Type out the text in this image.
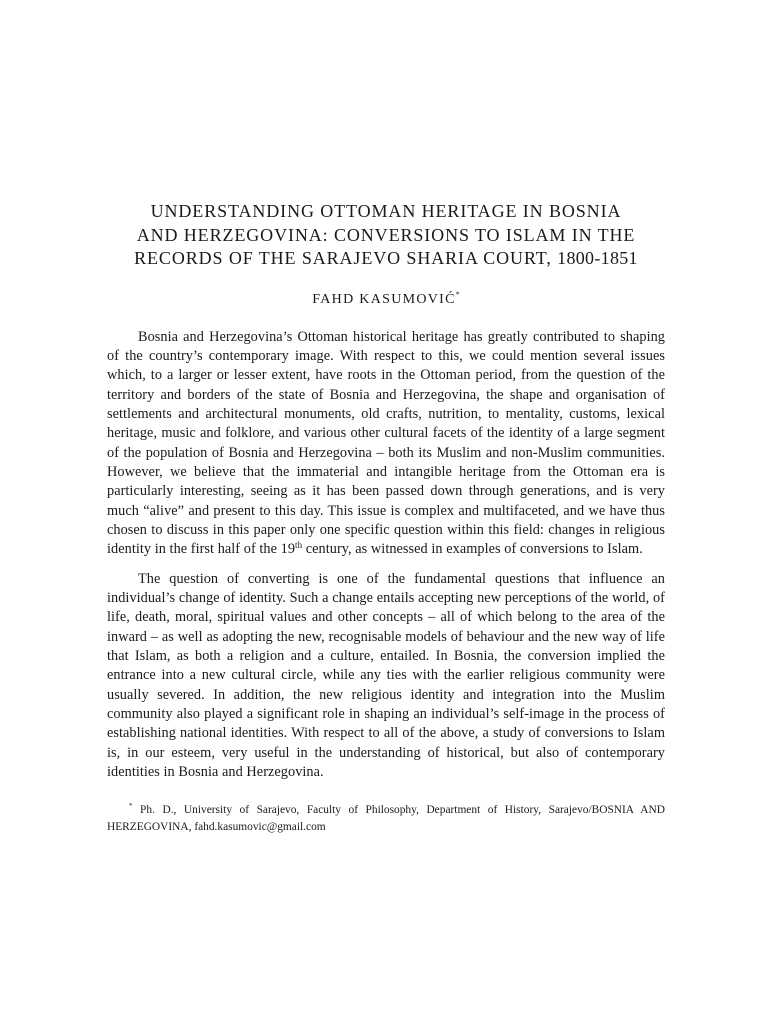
UNDERSTANDING OTTOMAN HERITAGE IN BOSNIA
AND HERZEGOVINA: CONVERSIONS TO ISLAM IN THE
RECORDS OF THE SARAJEVO SHARIA COURT, 1800-1851
FAHD KASUMOVIĆ*

Bosnia and Herzegovina’s Ottoman historical heritage has greatly contributed to shaping of the country’s contemporary image. With respect to this, we could mention several issues which, to a larger or lesser extent, have roots in the Ottoman period, from the question of the territory and borders of the state of Bosnia and Herzegovina, the shape and organisation of settlements and architectural monuments, old crafts, nutrition, to mentality, customs, lexical heritage, music and folklore, and various other cultural facets of the identity of a large segment of the population of Bosnia and Herzegovina – both its Muslim and non-Muslim communities. However, we believe that the immaterial and intangible heritage from the Ottoman era is particularly interesting, seeing as it has been passed down through generations, and is very much “alive” and present to this day. This issue is complex and multifaceted, and we have thus chosen to discuss in this paper only one specific question within this field: changes in religious identity in the first half of the 19th century, as witnessed in examples of conversions to Islam.

The question of converting is one of the fundamental questions that influence an individual’s change of identity. Such a change entails accepting new perceptions of the world, of life, death, moral, spiritual values and other concepts – all of which belong to the area of the inward – as well as adopting the new, recognisable models of behaviour and the new way of life that Islam, as both a religion and a culture, entailed. In Bosnia, the conversion implied the entrance into a new cultural circle, while any ties with the earlier religious community were usually severed. In addition, the new religious identity and integration into the Muslim community also played a significant role in shaping an individual’s self-image in the process of establishing national identities. With respect to all of the above, a study of conversions to Islam is, in our esteem, very useful in the understanding of historical, but also of contemporary identities in Bosnia and Herzegovina.

* Ph. D., University of Sarajevo, Faculty of Philosophy, Department of History, Sarajevo/BOSNIA AND HERZEGOVINA, fahd.kasumovic@gmail.com
